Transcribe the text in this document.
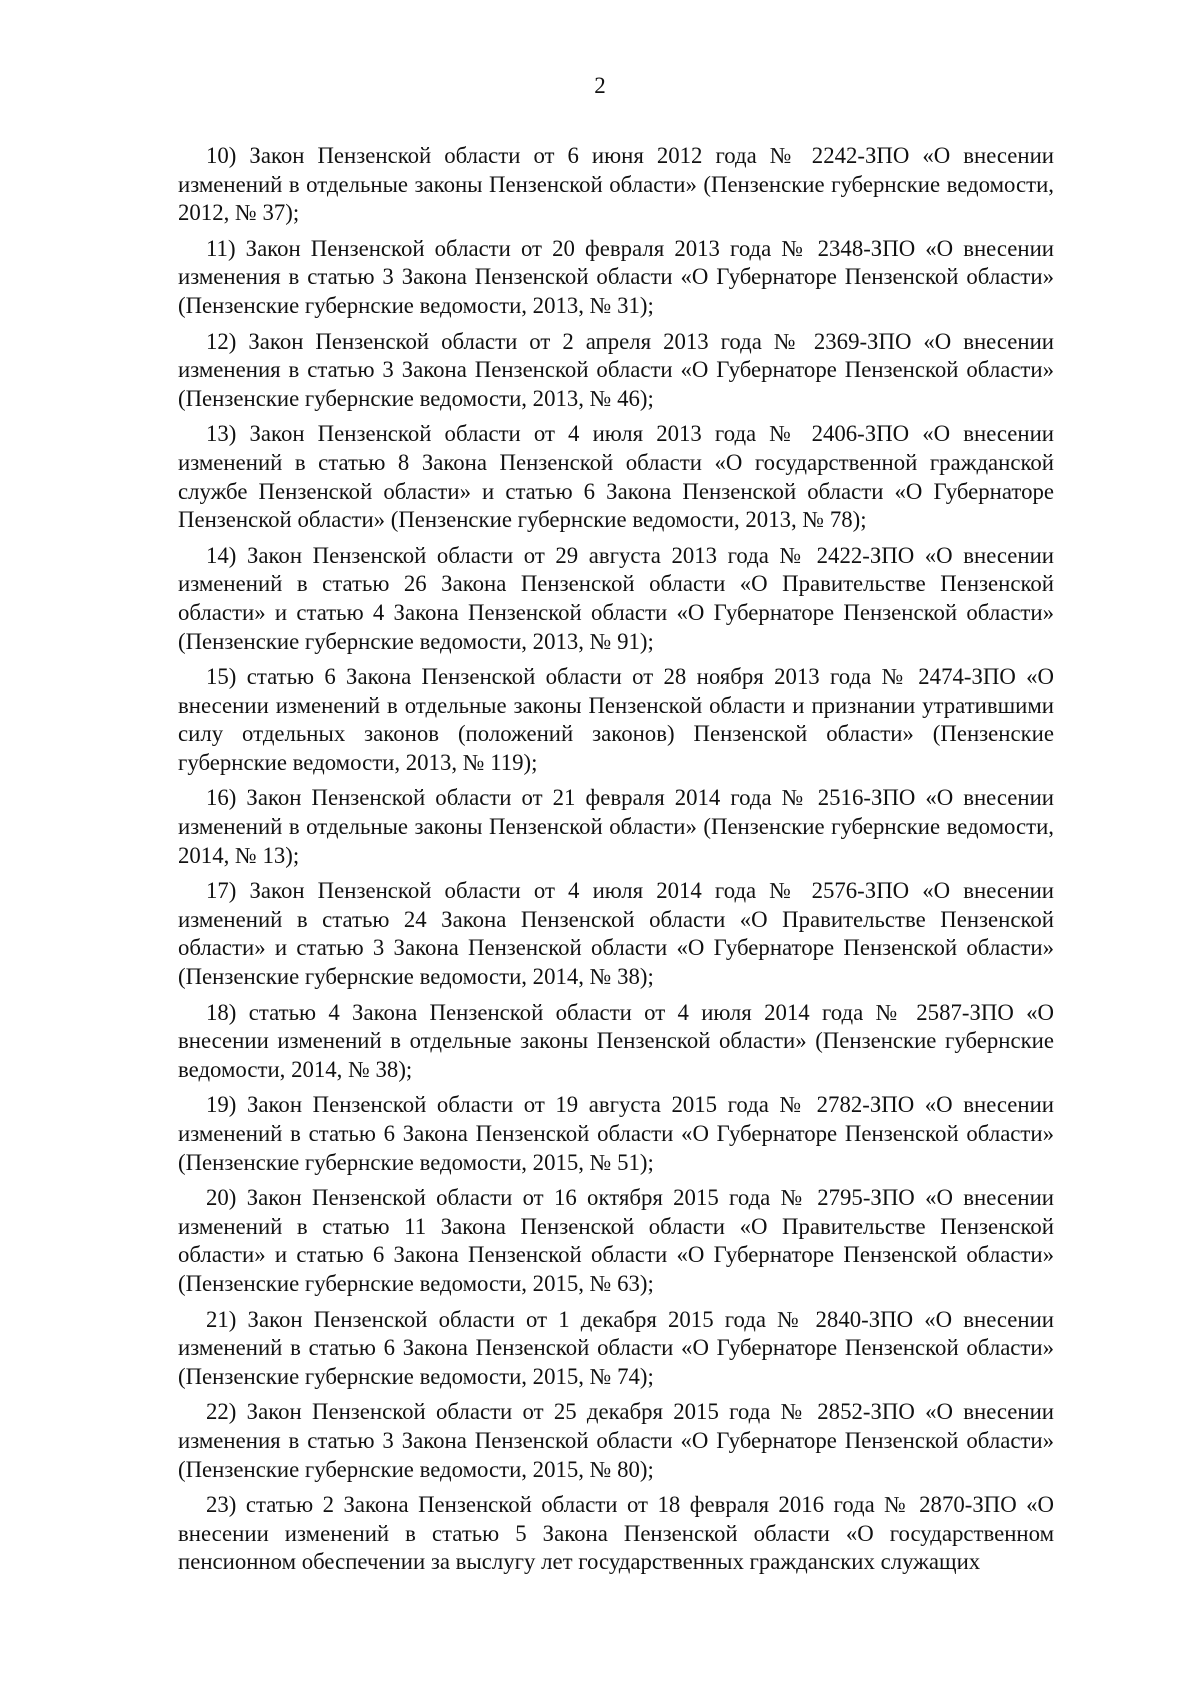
2

10) Закон Пензенской области от 6 июня 2012 года № 2242-ЗПО «О внесении изменений в отдельные законы Пензенской области» (Пензенские губернские ведомости, 2012, № 37);

11) Закон Пензенской области от 20 февраля 2013 года № 2348-ЗПО «О внесении изменения в статью 3 Закона Пензенской области «О Губернаторе Пензенской области» (Пензенские губернские ведомости, 2013, № 31);

12) Закон Пензенской области от 2 апреля 2013 года № 2369-ЗПО «О внесении изменения в статью 3 Закона Пензенской области «О Губернаторе Пензенской области» (Пензенские губернские ведомости, 2013, № 46);

13) Закон Пензенской области от 4 июля 2013 года № 2406-ЗПО «О внесении изменений в статью 8 Закона Пензенской области «О государственной гражданской службе Пензенской области» и статью 6 Закона Пензенской области «О Губернаторе Пензенской области» (Пензенские губернские ведомости, 2013, № 78);

14) Закон Пензенской области от 29 августа 2013 года № 2422-ЗПО «О внесении изменений в статью 26 Закона Пензенской области «О Правительстве Пензенской области» и статью 4 Закона Пензенской области «О Губернаторе Пензенской области» (Пензенские губернские ведомости, 2013, № 91);

15) статью 6 Закона Пензенской области от 28 ноября 2013 года № 2474-ЗПО «О внесении изменений в отдельные законы Пензенской области и признании утратившими силу отдельных законов (положений законов) Пензенской области» (Пензенские губернские ведомости, 2013, № 119);

16) Закон Пензенской области от 21 февраля 2014 года № 2516-ЗПО «О внесении изменений в отдельные законы Пензенской области» (Пензенские губернские ведомости, 2014, № 13);

17) Закон Пензенской области от 4 июля 2014 года № 2576-ЗПО «О внесении изменений в статью 24 Закона Пензенской области «О Правительстве Пензенской области» и статью 3 Закона Пензенской области «О Губернаторе Пензенской области» (Пензенские губернские ведомости, 2014, № 38);

18) статью 4 Закона Пензенской области от 4 июля 2014 года № 2587-ЗПО «О внесении изменений в отдельные законы Пензенской области» (Пензенские губернские ведомости, 2014, № 38);

19) Закон Пензенской области от 19 августа 2015 года № 2782-ЗПО «О внесении изменений в статью 6 Закона Пензенской области «О Губернаторе Пензенской области» (Пензенские губернские ведомости, 2015, № 51);

20) Закон Пензенской области от 16 октября 2015 года № 2795-ЗПО «О внесении изменений в статью 11 Закона Пензенской области «О Правительстве Пензенской области» и статью 6 Закона Пензенской области «О Губернаторе Пензенской области» (Пензенские губернские ведомости, 2015, № 63);

21) Закон Пензенской области от 1 декабря 2015 года № 2840-ЗПО «О внесении изменений в статью 6 Закона Пензенской области «О Губернаторе Пензенской области» (Пензенские губернские ведомости, 2015, № 74);

22) Закон Пензенской области от 25 декабря 2015 года № 2852-ЗПО «О внесении изменения в статью 3 Закона Пензенской области «О Губернаторе Пензенской области» (Пензенские губернские ведомости, 2015, № 80);

23) статью 2 Закона Пензенской области от 18 февраля 2016 года № 2870-ЗПО «О внесении изменений в статью 5 Закона Пензенской области «О государственном пенсионном обеспечении за выслугу лет государственных гражданских служащих
